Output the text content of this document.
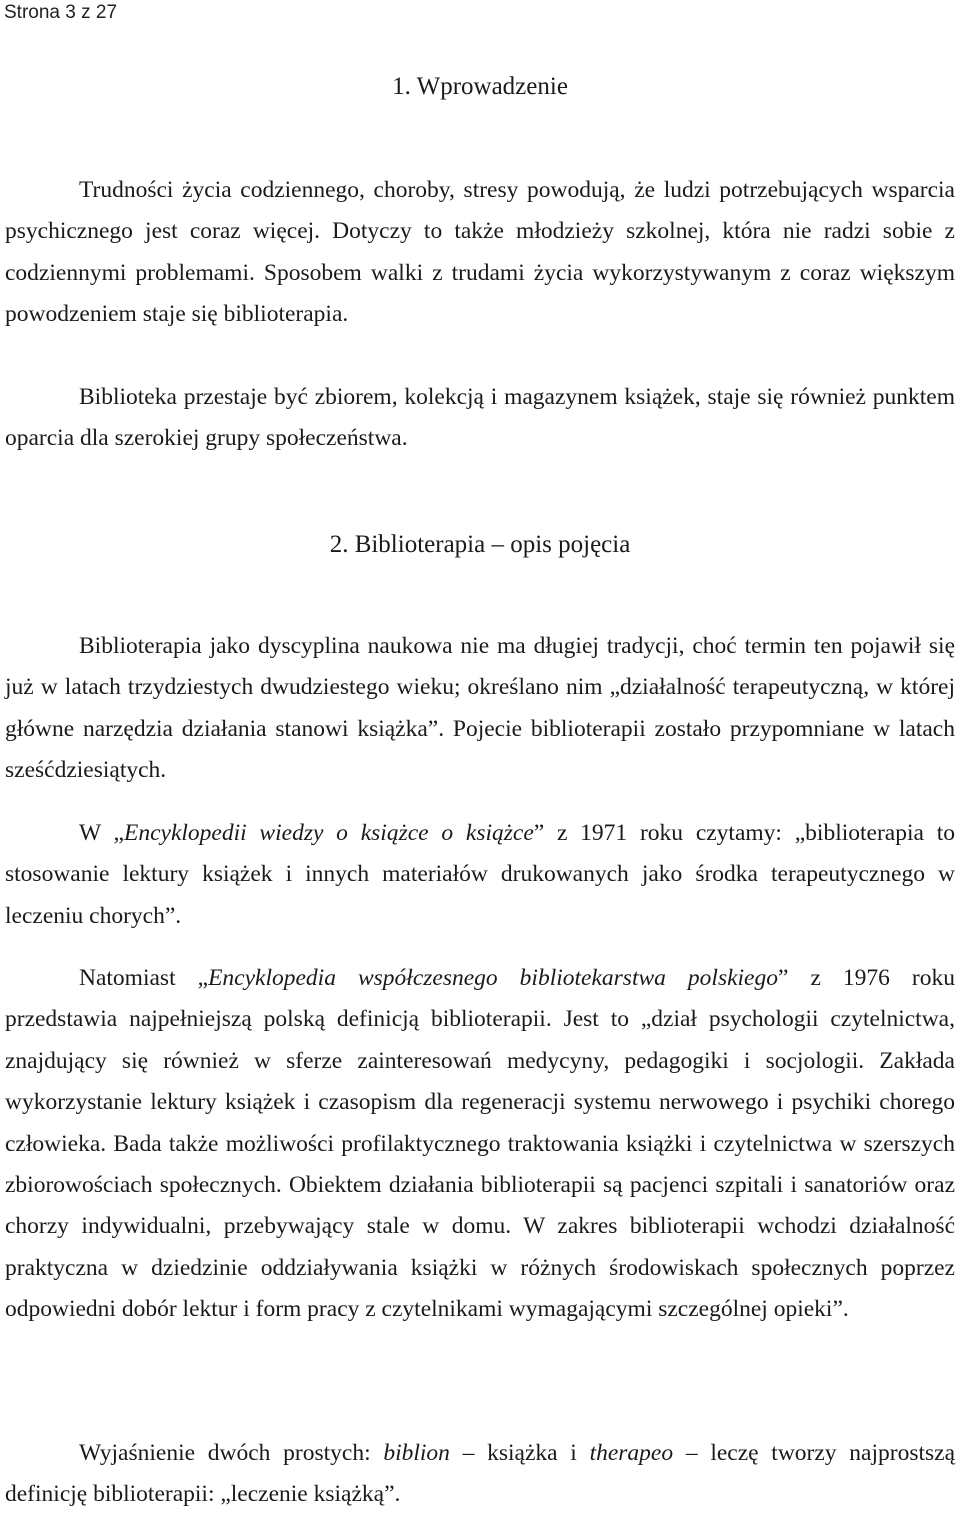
Strona 3 z 27
1. Wprowadzenie

Trudności życia codziennego, choroby, stresy powodują, że ludzi potrzebujących wsparcia psychicznego jest coraz więcej. Dotyczy to także młodzieży szkolnej, która nie radzi sobie z codziennymi problemami. Sposobem walki z trudami życia wykorzystywanym z coraz większym powodzeniem staje się biblioterapia.

Biblioteka przestaje być zbiorem, kolekcją i magazynem książek, staje się również punktem oparcia dla szerokiej grupy społeczeństwa.

2. Biblioterapia – opis pojęcia

Biblioterapia jako dyscyplina naukowa nie ma długiej tradycji, choć termin ten pojawił się już w latach trzydziestych dwudziestego wieku; określano nim „działalność terapeutyczną, w której główne narzędzia działania stanowi książka”. Pojecie biblioterapii zostało przypomniane w latach sześćdziesiątych.

W „Encyklopedii wiedzy o książce o książce” z 1971 roku czytamy: „biblioterapia to stosowanie lektury książek i innych materiałów drukowanych jako środka terapeutycznego w leczeniu chorych”.

Natomiast „Encyklopedia współczesnego bibliotekarstwa polskiego” z 1976 roku przedstawia najpełniejszą polską definicją biblioterapii. Jest to „dział psychologii czytelnictwa, znajdujący się również w sferze zainteresowań medycyny, pedagogiki i socjologii. Zakłada wykorzystanie lektury książek i czasopism dla regeneracji systemu nerwowego i psychiki chorego człowieka. Bada także możliwości profilaktycznego traktowania książki i czytelnictwa w szerszych zbiorowościach społecznych. Obiektem działania biblioterapii są pacjenci szpitali i sanatoriów oraz chorzy indywidualni, przebywający stale w domu. W zakres biblioterapii wchodzi działalność praktyczna w dziedzinie oddziaływania książki w różnych środowiskach społecznych poprzez odpowiedni dobór lektur i form pracy z czytelnikami wymagającymi szczególnej opieki”.

Wyjaśnienie dwóch prostych: biblion – książka i therapeo – leczę tworzy najprostszą definicję biblioterapii: „leczenie książką”.
